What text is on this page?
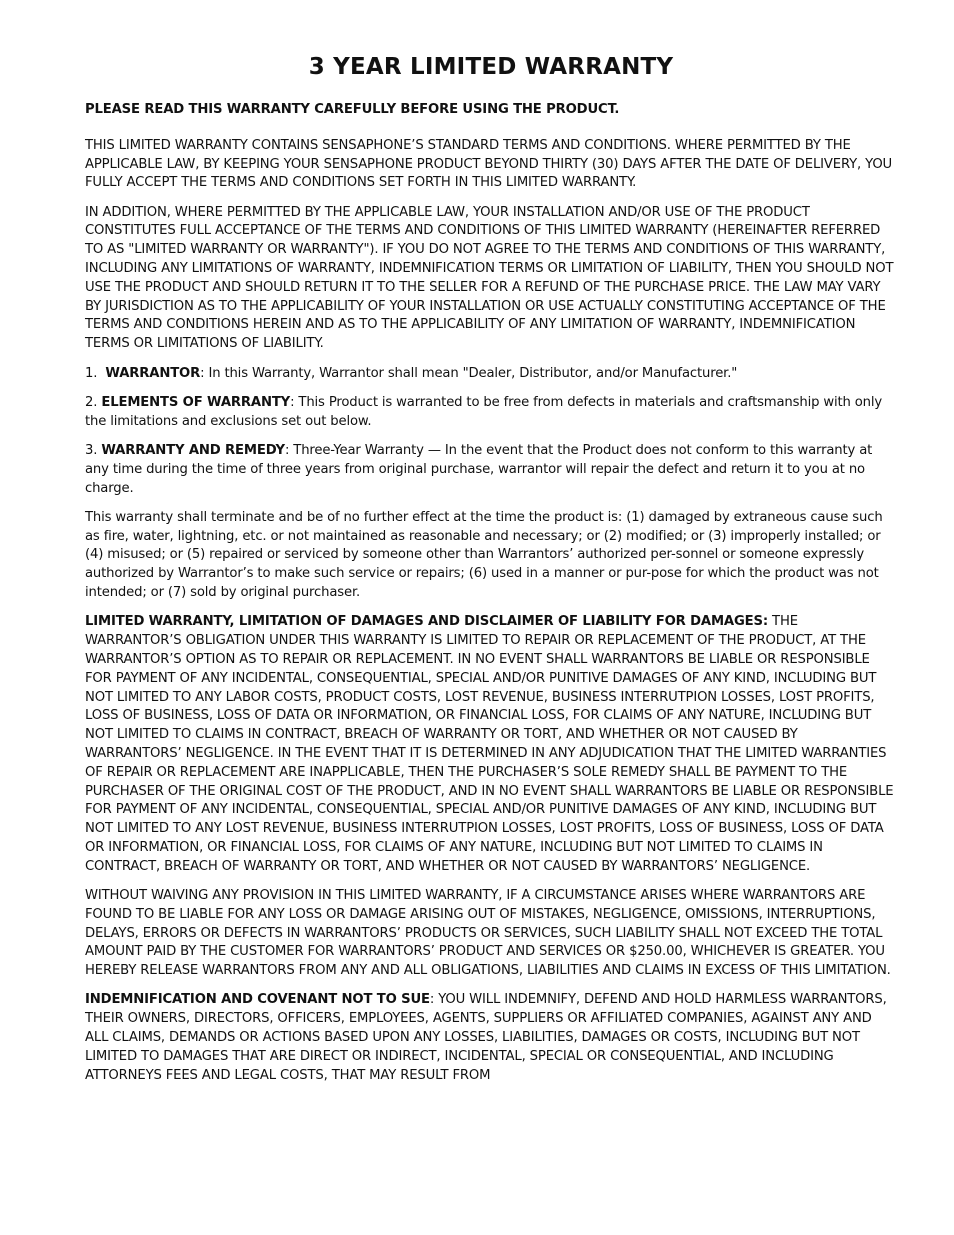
3 YEAR LIMITED WARRANTY
PLEASE READ THIS WARRANTY CAREFULLY BEFORE USING THE PRODUCT.
THIS LIMITED WARRANTY CONTAINS SENSAPHONE’S STANDARD TERMS AND CONDITIONS. WHERE PERMITTED BY THE APPLICABLE LAW, BY KEEPING YOUR SENSAPHONE PRODUCT BEYOND THIRTY (30) DAYS AFTER THE DATE OF DELIVERY, YOU FULLY ACCEPT THE TERMS AND CONDITIONS SET FORTH IN THIS LIMITED WARRANTY.
IN ADDITION, WHERE PERMITTED BY THE APPLICABLE LAW, YOUR INSTALLATION AND/OR USE OF THE PRODUCT CONSTITUTES FULL ACCEPTANCE OF THE TERMS AND CONDITIONS OF THIS LIMITED WARRANTY (HEREINAFTER REFERRED TO AS "LIMITED WARRANTY OR WARRANTY"). IF YOU DO NOT AGREE TO THE TERMS AND CONDITIONS OF THIS WARRANTY, INCLUDING ANY LIMITATIONS OF WARRANTY, INDEMNIFICATION TERMS OR LIMITATION OF LIABILITY, THEN YOU SHOULD NOT USE THE PRODUCT AND SHOULD RETURN IT TO THE SELLER FOR A REFUND OF THE PURCHASE PRICE. THE LAW MAY VARY BY JURISDICTION AS TO THE APPLICABILITY OF YOUR INSTALLATION OR USE ACTUALLY CONSTITUTING ACCEPTANCE OF THE TERMS AND CONDITIONS HEREIN AND AS TO THE APPLICABILITY OF ANY LIMITATION OF WARRANTY, INDEMNIFICATION TERMS OR LIMITATIONS OF LIABILITY.
1. WARRANTOR: In this Warranty, Warrantor shall mean "Dealer, Distributor, and/or Manufacturer."
2. ELEMENTS OF WARRANTY: This Product is warranted to be free from defects in materials and craftsmanship with only the limitations and exclusions set out below.
3. WARRANTY AND REMEDY: Three-Year Warranty — In the event that the Product does not conform to this warranty at any time during the time of three years from original purchase, warrantor will repair the defect and return it to you at no charge.
This warranty shall terminate and be of no further effect at the time the product is: (1) damaged by extraneous cause such as fire, water, lightning, etc. or not maintained as reasonable and necessary; or (2) modified; or (3) improperly installed; or (4) misused; or (5) repaired or serviced by someone other than Warrantors’ authorized per-sonnel or someone expressly authorized by Warrantor’s to make such service or repairs; (6) used in a manner or pur-pose for which the product was not intended; or (7) sold by original purchaser.
LIMITED WARRANTY, LIMITATION OF DAMAGES AND DISCLAIMER OF LIABILITY FOR DAMAGES: THE WARRANTOR’S OBLIGATION UNDER THIS WARRANTY IS LIMITED TO REPAIR OR REPLACEMENT OF THE PRODUCT, AT THE WARRANTOR’S OPTION AS TO REPAIR OR REPLACEMENT. IN NO EVENT SHALL WARRANTORS BE LIABLE OR RESPONSIBLE FOR PAYMENT OF ANY INCIDENTAL, CONSEQUENTIAL, SPECIAL AND/OR PUNITIVE DAMAGES OF ANY KIND, INCLUDING BUT NOT LIMITED TO ANY LABOR COSTS, PRODUCT COSTS, LOST REVENUE, BUSINESS INTERRUTPION LOSSES, LOST PROFITS, LOSS OF BUSINESS, LOSS OF DATA OR INFORMATION, OR FINANCIAL LOSS, FOR CLAIMS OF ANY NATURE, INCLUDING BUT NOT LIMITED TO CLAIMS IN CONTRACT, BREACH OF WARRANTY OR TORT, AND WHETHER OR NOT CAUSED BY WARRANTORS’ NEGLIGENCE. IN THE EVENT THAT IT IS DETERMINED IN ANY ADJUDICATION THAT THE LIMITED WARRANTIES OF REPAIR OR REPLACEMENT ARE INAPPLICABLE, THEN THE PURCHASER’S SOLE REMEDY SHALL BE PAYMENT TO THE PURCHASER OF THE ORIGINAL COST OF THE PRODUCT, AND IN NO EVENT SHALL WARRANTORS BE LIABLE OR RESPONSIBLE FOR PAYMENT OF ANY INCIDENTAL, CONSEQUENTIAL, SPECIAL AND/OR PUNITIVE DAMAGES OF ANY KIND, INCLUDING BUT NOT LIMITED TO ANY LOST REVENUE, BUSINESS INTERRUTPION LOSSES, LOST PROFITS, LOSS OF BUSINESS, LOSS OF DATA OR INFORMATION, OR FINANCIAL LOSS, FOR CLAIMS OF ANY NATURE, INCLUDING BUT NOT LIMITED TO CLAIMS IN CONTRACT, BREACH OF WARRANTY OR TORT, AND WHETHER OR NOT CAUSED BY WARRANTORS’ NEGLIGENCE.
WITHOUT WAIVING ANY PROVISION IN THIS LIMITED WARRANTY, IF A CIRCUMSTANCE ARISES WHERE WARRANTORS ARE FOUND TO BE LIABLE FOR ANY LOSS OR DAMAGE ARISING OUT OF MISTAKES, NEGLIGENCE, OMISSIONS, INTERRUPTIONS, DELAYS, ERRORS OR DEFECTS IN WARRANTORS’ PRODUCTS OR SERVICES, SUCH LIABILITY SHALL NOT EXCEED THE TOTAL AMOUNT PAID BY THE CUSTOMER FOR WARRANTORS’ PRODUCT AND SERVICES OR $250.00, WHICHEVER IS GREATER. YOU HEREBY RELEASE WARRANTORS FROM ANY AND ALL OBLIGATIONS, LIABILITIES AND CLAIMS IN EXCESS OF THIS LIMITATION.
INDEMNIFICATION AND COVENANT NOT TO SUE: YOU WILL INDEMNIFY, DEFEND AND HOLD HARMLESS WARRANTORS, THEIR OWNERS, DIRECTORS, OFFICERS, EMPLOYEES, AGENTS, SUPPLIERS OR AFFILIATED COMPANIES, AGAINST ANY AND ALL CLAIMS, DEMANDS OR ACTIONS BASED UPON ANY LOSSES, LIABILITIES, DAMAGES OR COSTS, INCLUDING BUT NOT LIMITED TO DAMAGES THAT ARE DIRECT OR INDIRECT, INCIDENTAL, SPECIAL OR CONSEQUENTIAL, AND INCLUDING ATTORNEYS FEES AND LEGAL COSTS, THAT MAY RESULT FROM
